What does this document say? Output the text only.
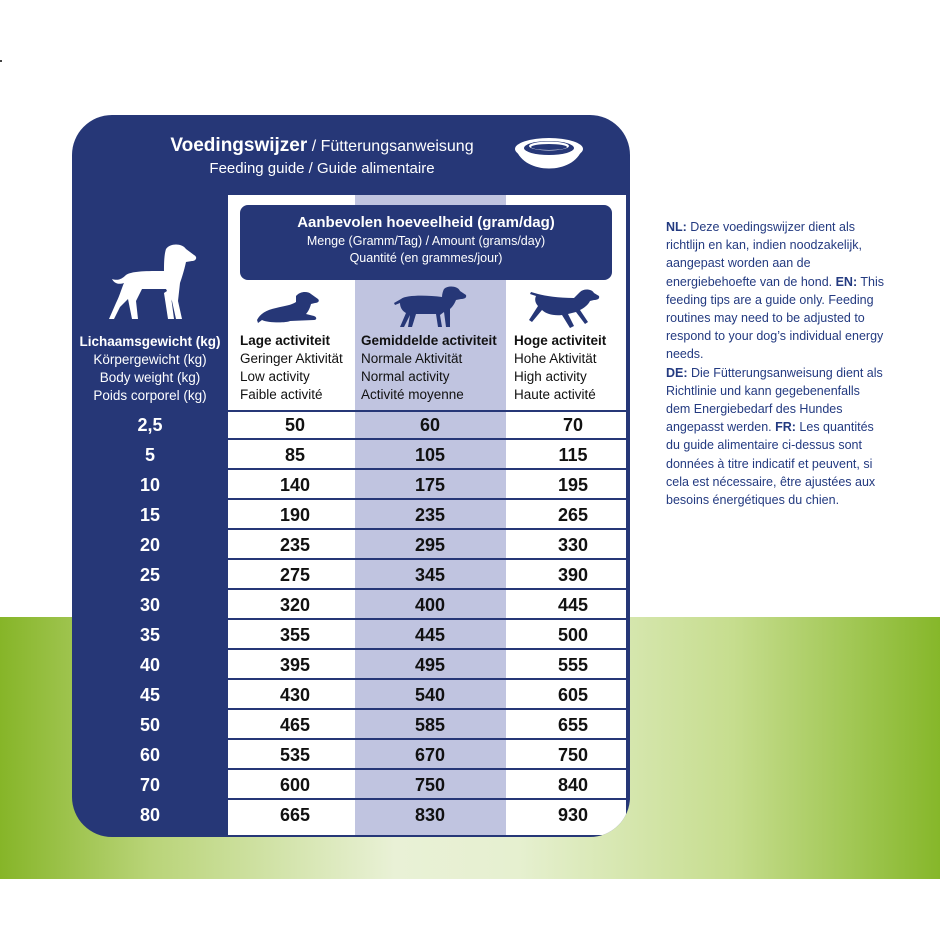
Voedingswijzer / Fütterungsanweisung
Feeding guide / Guide alimentaire
Lichaamsgewicht (kg)
Körpergewicht (kg)
Body weight (kg)
Poids corporel (kg)
Aanbevolen hoeveelheid (gram/dag)
Menge (Gramm/Tag) / Amount (grams/day)
Quantité (en grammes/jour)
Lage activiteit
Geringer Aktivität
Low activity
Faible activité
Gemiddelde activiteit
Normale Aktivität
Normal activity
Activité moyenne
Hoge activiteit
Hohe Aktivität
High activity
Haute activité
2,5	50	60	70
5	85	105	115
10	140	175	195
15	190	235	265
20	235	295	330
25	275	345	390
30	320	400	445
35	355	445	500
40	395	495	555
45	430	540	605
50	465	585	655
60	535	670	750
70	600	750	840
80	665	830	930
NL: Deze voedingswijzer dient als richtlijn en kan, indien noodzakelijk, aangepast worden aan de energiebehoefte van de hond. EN: This feeding tips are a guide only. Feeding routines may need to be adjusted to respond to your dog’s individual energy needs.
DE: Die Fütterungsanweisung dient als Richtlinie und kann gegebenenfalls dem Energiebedarf des Hundes angepasst werden. FR: Les quantités du guide alimentaire ci-dessus sont données à titre indicatif et peuvent, si cela est nécessaire, être ajustées aux besoins énergétiques du chien.
